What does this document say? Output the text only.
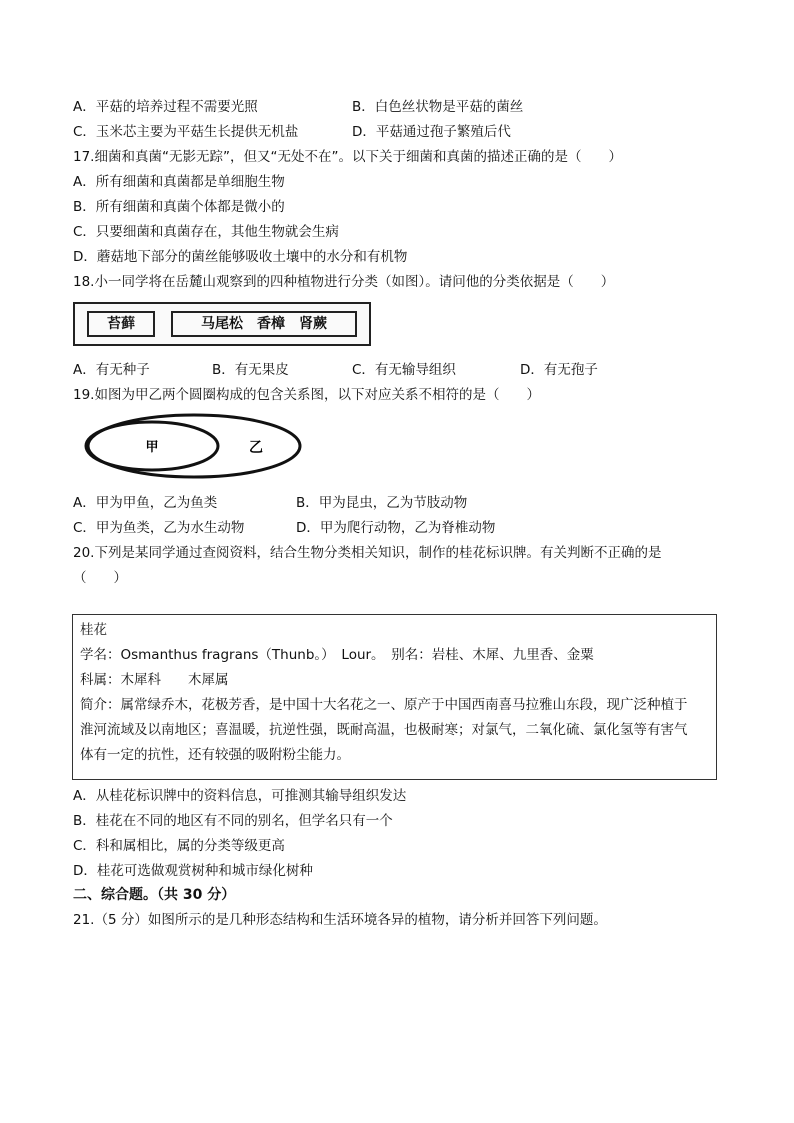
A．平菇的培养过程不需要光照	B．白色丝状物是平菇的菌丝
C．玉米芯主要为平菇生长提供无机盐	D．平菇通过孢子繁殖后代
17.细菌和真菌“无影无踪”，但又“无处不在”。以下关于细菌和真菌的描述正确的是（　　）
A．所有细菌和真菌都是单细胞生物
B．所有细菌和真菌个体都是微小的
C．只要细菌和真菌存在，其他生物就会生病
D．蘑菇地下部分的菌丝能够吸收土壤中的水分和有机物
18.小一同学将在岳麓山观察到的四种植物进行分类（如图）。请问他的分类依据是（　　）
苔藓	马尾松　香樟　肾蕨
A．有无种子	B．有无果皮	C．有无输导组织	D．有无孢子
19.如图为甲乙两个圆圈构成的包含关系图，以下对应关系不相符的是（　　）
甲	乙
A．甲为甲鱼，乙为鱼类	B．甲为昆虫，乙为节肢动物
C．甲为鱼类，乙为水生动物	D．甲为爬行动物，乙为脊椎动物
20.下列是某同学通过查阅资料，结合生物分类相关知识，制作的桂花标识牌。有关判断不正确的是
（　　）
桂花
学名：Osmanthus fragrans（Thunb。）　Lour。　别名：岩桂、木犀、九里香、金粟
科属：木犀科　　木犀属
简介：属常绿乔木，花极芳香，是中国十大名花之一、原产于中国西南喜马拉雅山东段，现广泛种植于
淮河流域及以南地区；喜温暖，抗逆性强，既耐高温，也极耐寒；对氯气，二氧化硫、氯化氢等有害气
体有一定的抗性，还有较强的吸附粉尘能力。
A．从桂花标识牌中的资料信息，可推测其输导组织发达
B．桂花在不同的地区有不同的别名，但学名只有一个
C．科和属相比，属的分类等级更高
D．桂花可选做观赏树种和城市绿化树种
二、综合题。（共 30 分）
21.（5 分）如图所示的是几种形态结构和生活环境各异的植物，请分析并回答下列问题。
